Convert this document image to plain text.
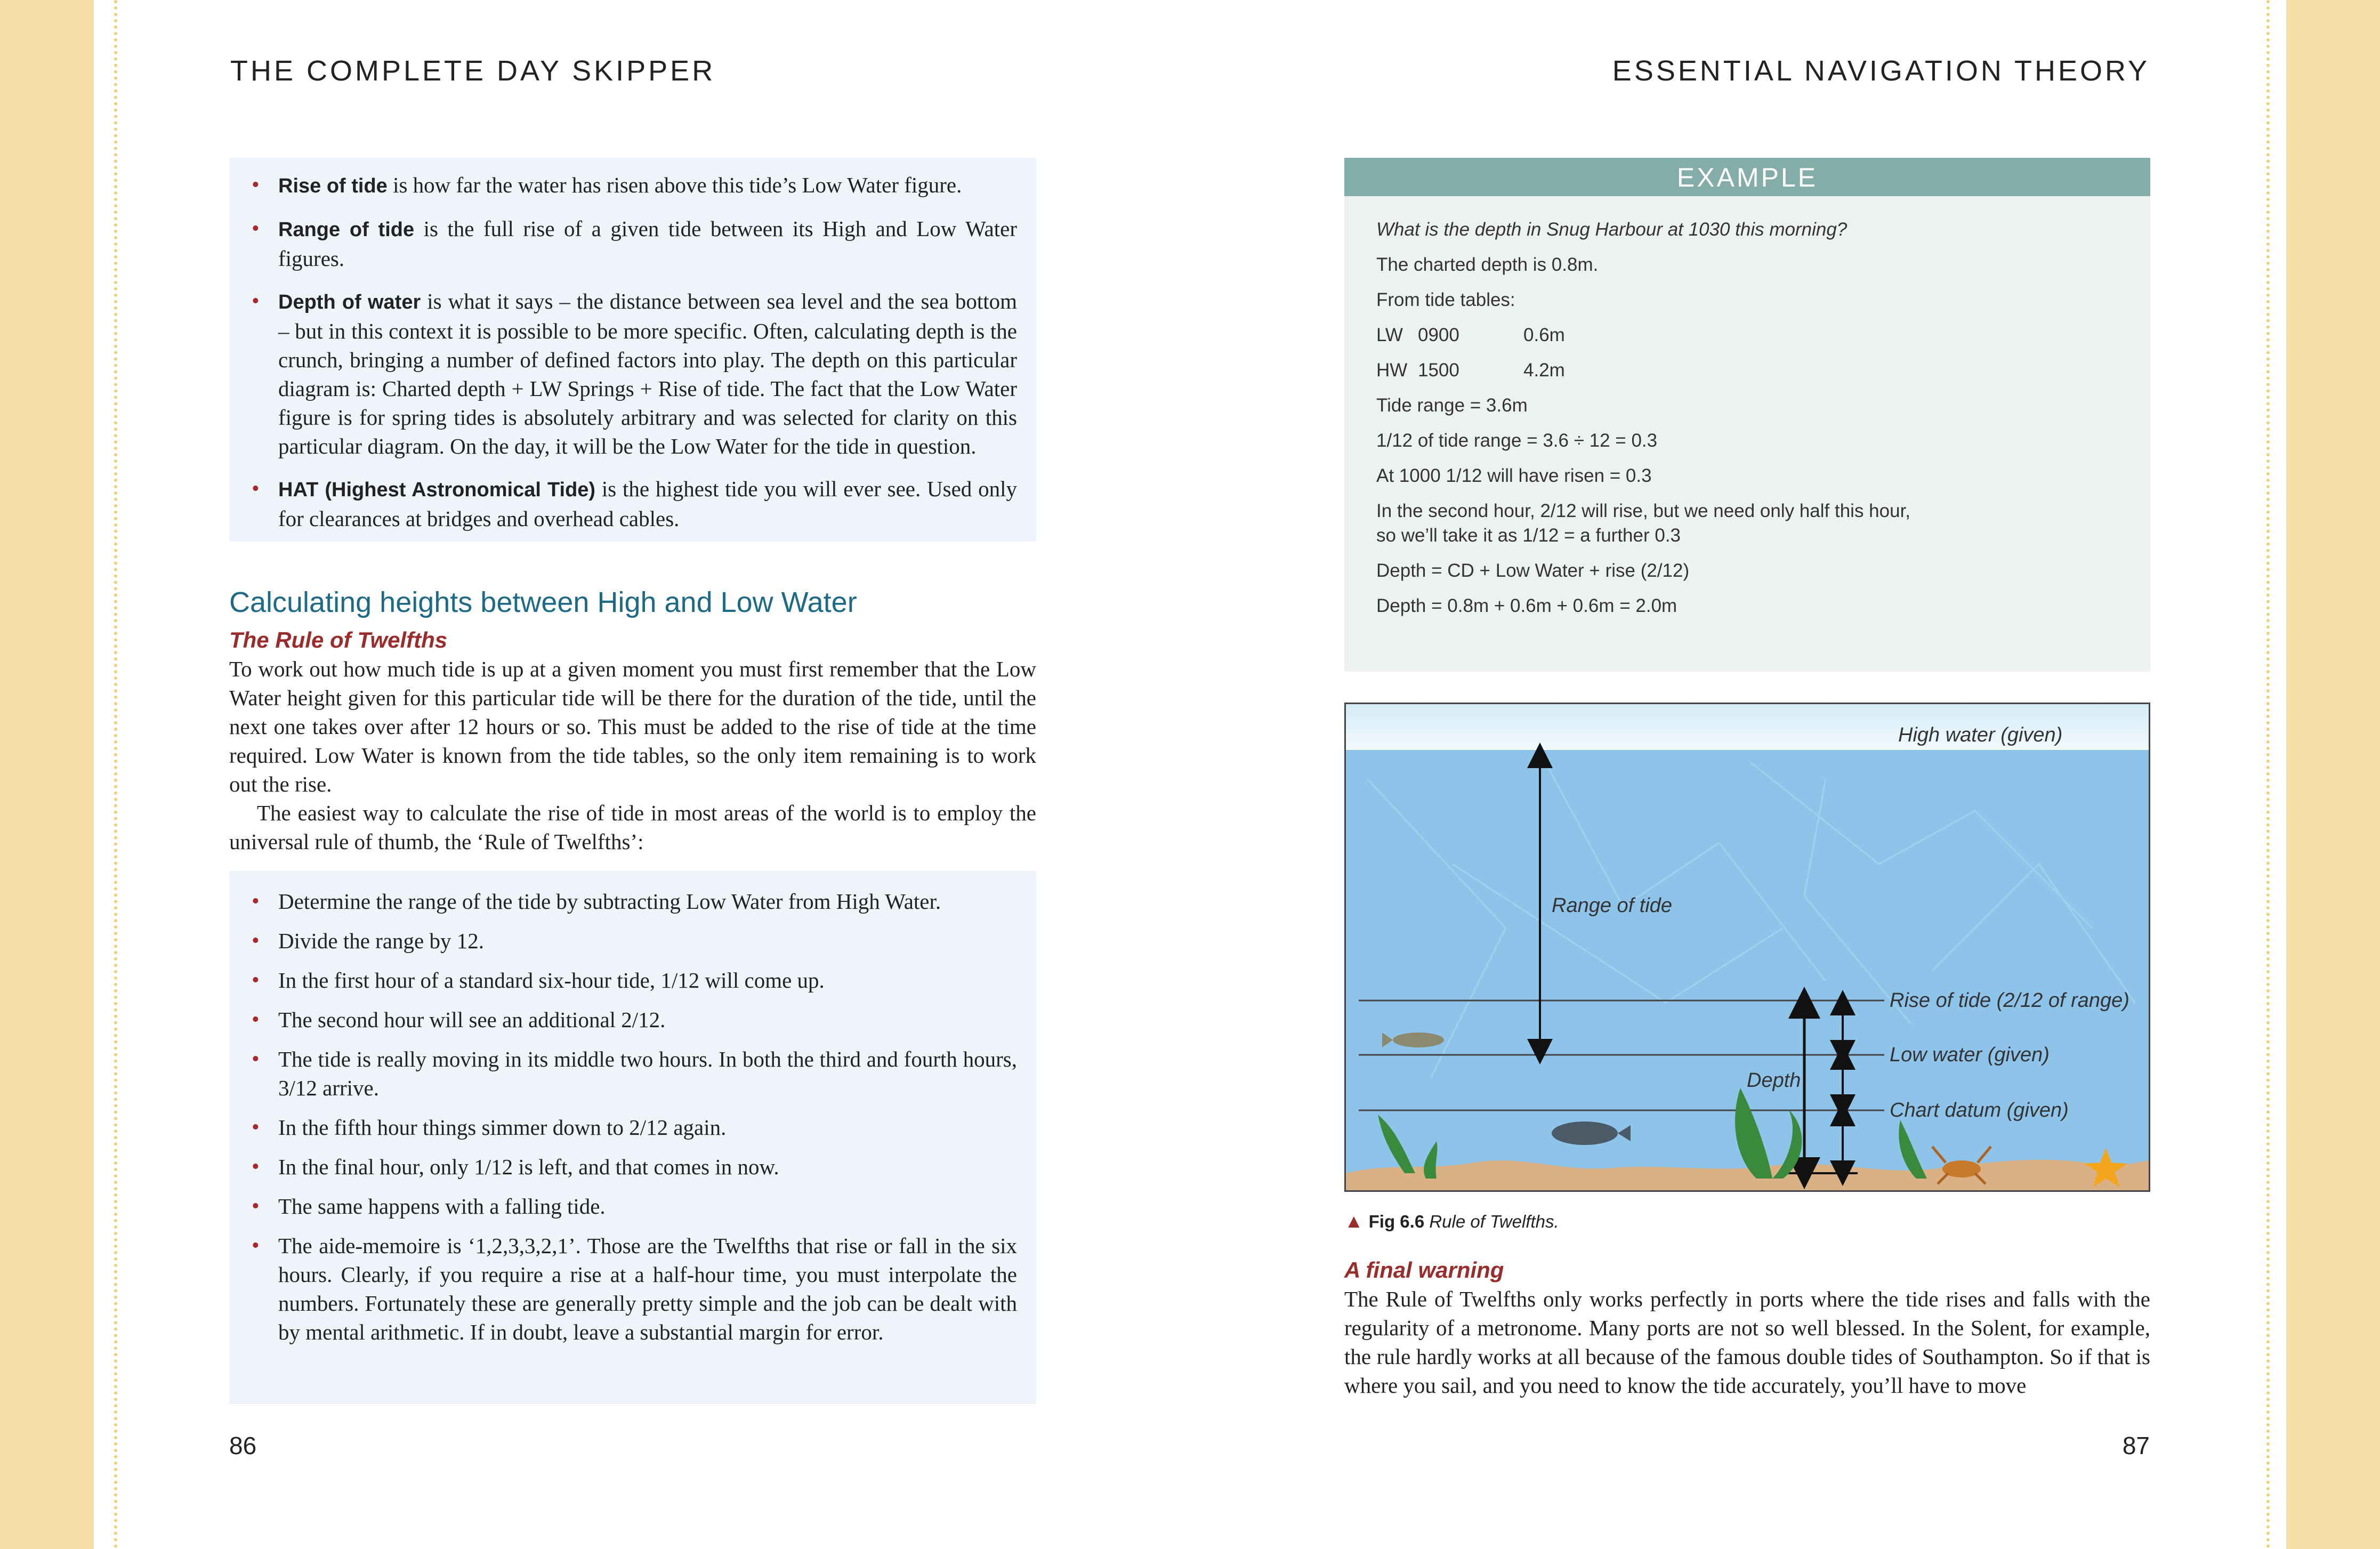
THE COMPLETE DAY SKIPPER	ESSENTIAL NAVIGATION THEORY
• Rise of tide is how far the water has risen above this tide’s Low Water figure.
• Range of tide is the full rise of a given tide between its High and Low Water figures.
• Depth of water is what it says – the distance between sea level and the sea bottom – but in this context it is possible to be more specific. Often, calculating depth is the crunch, bringing a number of defined factors into play. The depth on this particular diagram is: Charted depth + LW Springs + Rise of tide. The fact that the Low Water figure is for spring tides is absolutely arbitrary and was selected for clarity on this particular diagram. On the day, it will be the Low Water for the tide in question.
• HAT (Highest Astronomical Tide) is the highest tide you will ever see. Used only for clearances at bridges and overhead cables.
Calculating heights between High and Low Water
The Rule of Twelfths

To work out how much tide is up at a given moment you must first remember that the Low Water height given for this particular tide will be there for the duration of the tide, until the next one takes over after 12 hours or so. This must be added to the rise of tide at the time required. Low Water is known from the tide tables, so the only item remaining is to work out the rise.

The easiest way to calculate the rise of tide in most areas of the world is to employ the universal rule of thumb, the ‘Rule of Twelfths’:

• Determine the range of the tide by subtracting Low Water from High Water.
• Divide the range by 12.
• In the first hour of a standard six-hour tide, 1/12 will come up.
• The second hour will see an additional 2/12.
• The tide is really moving in its middle two hours. In both the third and fourth hours, 3/12 arrive.
• In the fifth hour things simmer down to 2/12 again.
• In the final hour, only 1/12 is left, and that comes in now.
• The same happens with a falling tide.
• The aide-memoire is ‘1,2,3,3,2,1’. Those are the Twelfths that rise or fall in the six hours. Clearly, if you require a rise at a half-hour time, you must interpolate the numbers. Fortunately these are generally pretty simple and the job can be dealt with by mental arithmetic. If in doubt, leave a substantial margin for error.
EXAMPLE
What is the depth in Snug Harbour at 1030 this morning?
The charted depth is 0.8m.
From tide tables:
LW 0900	0.6m
HW 1500	4.2m
Tide range = 3.6m
1/12 of tide range = 3.6 ÷ 12 = 0.3
At 1000 1/12 will have risen = 0.3
In the second hour, 2/12 will rise, but we need only half this hour,
so we’ll take it as 1/12 = a further 0.3
Depth = CD + Low Water + rise (2/12)
Depth = 0.8m + 0.6m + 0.6m = 2.0m
High water (given)
Range of tide
Rise of tide (2/12 of range)
Low water (given)
Depth
Chart datum (given)
▲ Fig 6.6 Rule of Twelfths.
A final warning

The Rule of Twelfths only works perfectly in ports where the tide rises and falls with the regularity of a metronome. Many ports are not so well blessed. In the Solent, for example, the rule hardly works at all because of the famous double tides of Southampton. So if that is where you sail, and you need to know the tide accurately, you’ll have to move

86	87
